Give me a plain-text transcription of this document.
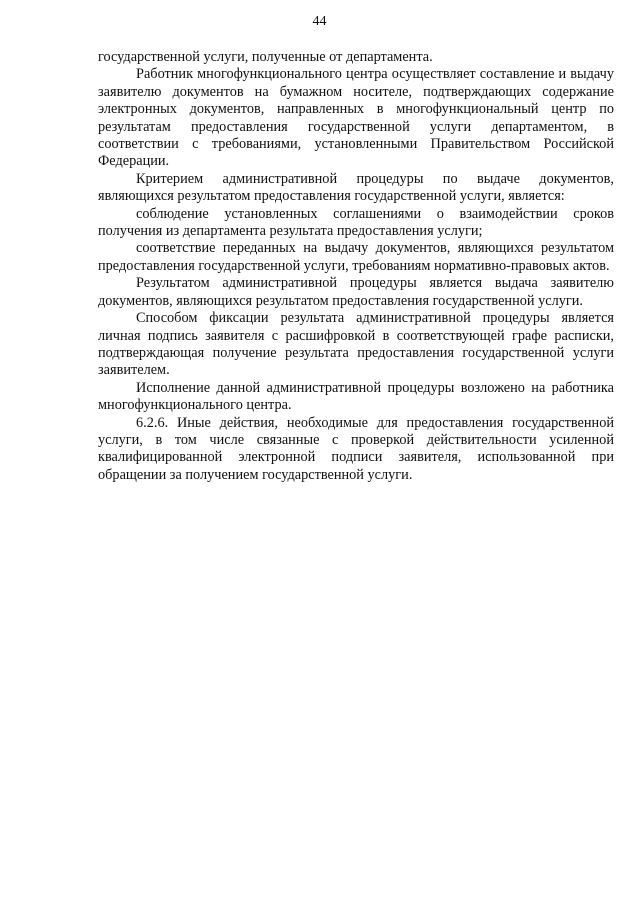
44

государственной услуги, полученные от департамента.

Работник многофункционального центра осуществляет составление и выдачу заявителю документов на бумажном носителе, подтверждающих содержание электронных документов, направленных в многофункциональный центр по результатам предоставления государственной услуги департаментом, в соответствии с требованиями, установленными Правительством Российской Федерации.

Критерием административной процедуры по выдаче документов, являющихся результатом предоставления государственной услуги, является:

соблюдение установленных соглашениями о взаимодействии сроков получения из департамента результата предоставления услуги;

соответствие переданных на выдачу документов, являющихся результатом предоставления государственной услуги, требованиям нормативно-правовых актов.

Результатом административной процедуры является выдача заявителю документов, являющихся результатом предоставления государственной услуги.

Способом фиксации результата административной процедуры является личная подпись заявителя с расшифровкой в соответствующей графе расписки, подтверждающая получение результата предоставления государственной услуги заявителем.

Исполнение данной административной процедуры возложено на работника многофункционального центра.

6.2.6. Иные действия, необходимые для предоставления государственной услуги, в том числе связанные с проверкой действительности усиленной квалифицированной электронной подписи заявителя, использованной при обращении за получением государственной услуги.
